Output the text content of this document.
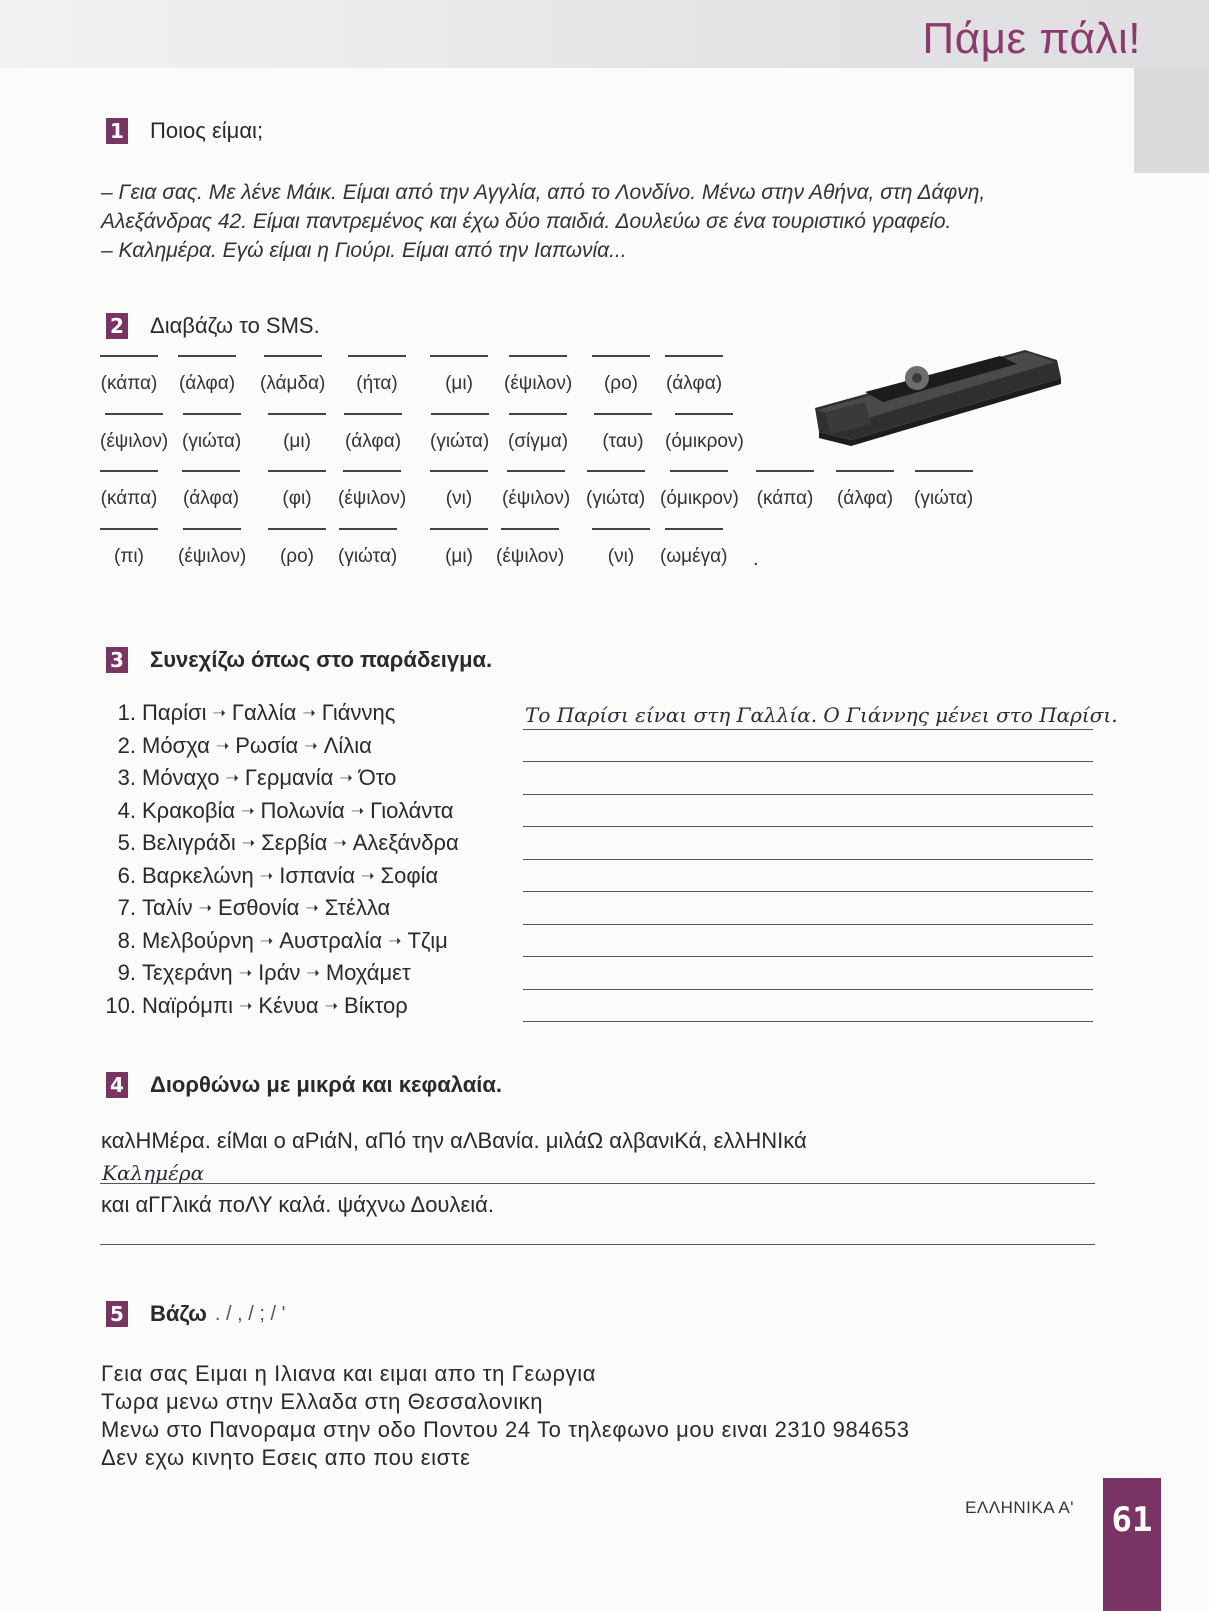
Πάμε πάλι!
1 Ποιος είμαι;
– Γεια σας. Με λένε Μάικ. Είμαι από την Αγγλία, από το Λονδίνο. Μένω στην Αθήνα, στη Δάφνη,
Αλεξάνδρας 42. Είμαι παντρεμένος και έχω δύο παιδιά. Δουλεύω σε ένα τουριστικό γραφείο.
– Καλημέρα. Εγώ είμαι η Γιούρι. Είμαι από την Ιαπωνία...
2 Διαβάζω το SMS.
(κάπα) (άλφα) (λάμδα) (ήτα) (μι) (έψιλον) (ρο) (άλφα)
(έψιλον) (γιώτα) (μι) (άλφα) (γιώτα) (σίγμα) (ταυ) (όμικρον)
(κάπα) (άλφα) (φι) (έψιλον) (νι) (έψιλον) (γιώτα) (όμικρον) (κάπα) (άλφα) (γιώτα)
(πι) (έψιλον) (ρο) (γιώτα)	(μι) (έψιλον) (νι) (ωμέγα) .
3 Συνεχίζω όπως στο παράδειγμα.
1. Παρίσι ➝ Γαλλία ➝ Γιάννης
2. Μόσχα ➝ Ρωσία ➝ Λίλια
3. Μόναχο ➝ Γερμανία ➝ Ότο
4. Κρακοβία ➝ Πολωνία ➝ Γιολάντα
5. Βελιγράδι ➝ Σερβία ➝ Αλεξάνδρα
6. Βαρκελώνη ➝ Ισπανία ➝ Σοφία
7. Ταλίν ➝ Εσθονία ➝ Στέλλα
8. Μελβούρνη ➝ Αυστραλία ➝ Τζιμ
9. Τεχεράνη ➝ Ιράν ➝ Μοχάμετ
10. Ναϊρόμπι ➝ Κένυα ➝ Βίκτορ
Το Παρίσι είναι στη Γαλλία. Ο Γιάννης μένει στο Παρίσι.
4 Διορθώνω με μικρά και κεφαλαία.
καλΗΜέρα. είΜαι ο αΡιάΝ, αΠό την αΛΒανία. μιλάΩ αλβανιΚά, ελλΗΝΙκά
Καλημέρα
και αΓΓλικά ποΛΥ καλά. ψάχνω Δουλειά.
5 Βάζω . / , / ; / '
Γεια σας Ειμαι η Ιλιανα και ειμαι απο τη Γεωργια
Τωρα μενω στην Ελλαδα στη Θεσσαλονικη
Μενω στο Πανοραμα στην οδο Ποντου 24 Το τηλεφωνο μου ειναι 2310 984653
Δεν εχω κινητο Εσεις απο που ειστε
ΕΛΛΗΝΙΚΑ Α' 61
